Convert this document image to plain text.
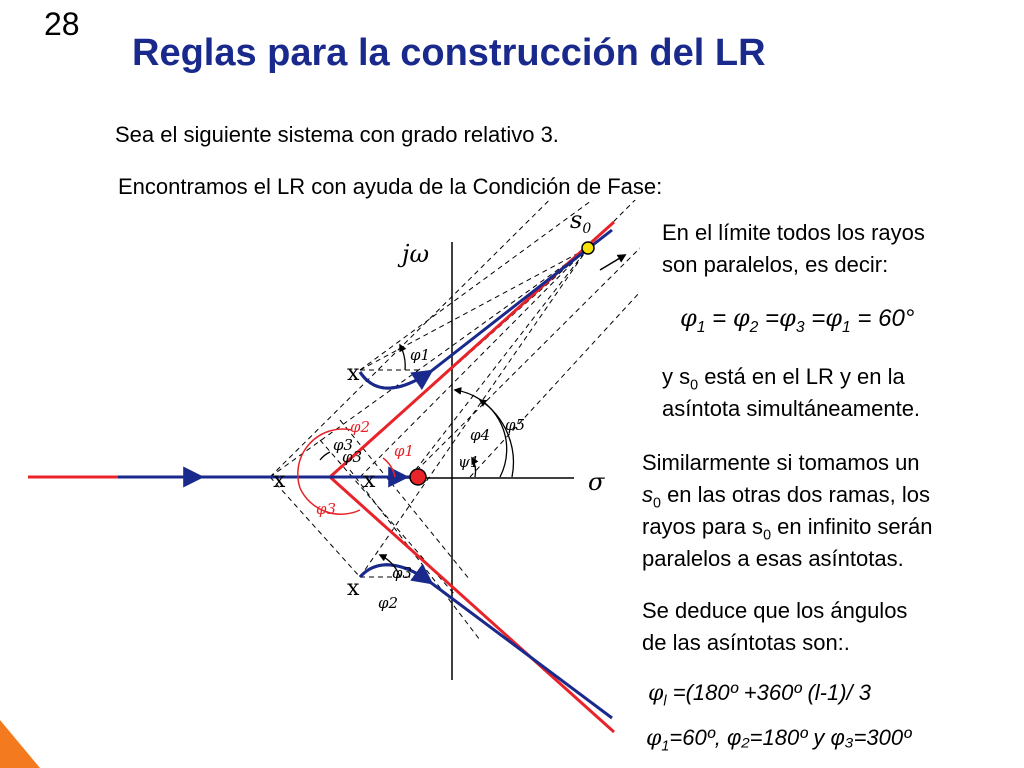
28
Reglas para la construcción del LR
Sea el siguiente sistema con grado relativo 3.
Encontramos el LR con ayuda de la Condición de Fase:
x
x	x
x
$s_0$
jω
σ
φ1
φ2
φ3
φ3 φ1
φ4
φ5
ψ1
φ3
φ3
φ2
En el límite todos los rayos
son paralelos, es decir:
$\varphi_1 = \varphi_2 =\varphi_3 =\varphi_1 = 60^\circ$
y $s_0$ está en el LR y en la
asíntota simultáneamente.
Similarmente si tomamos un
$s_0$ en las otras dos ramas, los
rayos para $s_0$ en infinito serán
paralelos a esas asíntotas.
Se deduce que los ángulos
de las asíntotas son:.
$\varphi_l$ =(180º +360º (l-1)/ 3
$\varphi_1=60º$, φ₂=180º y φ₃=300º
